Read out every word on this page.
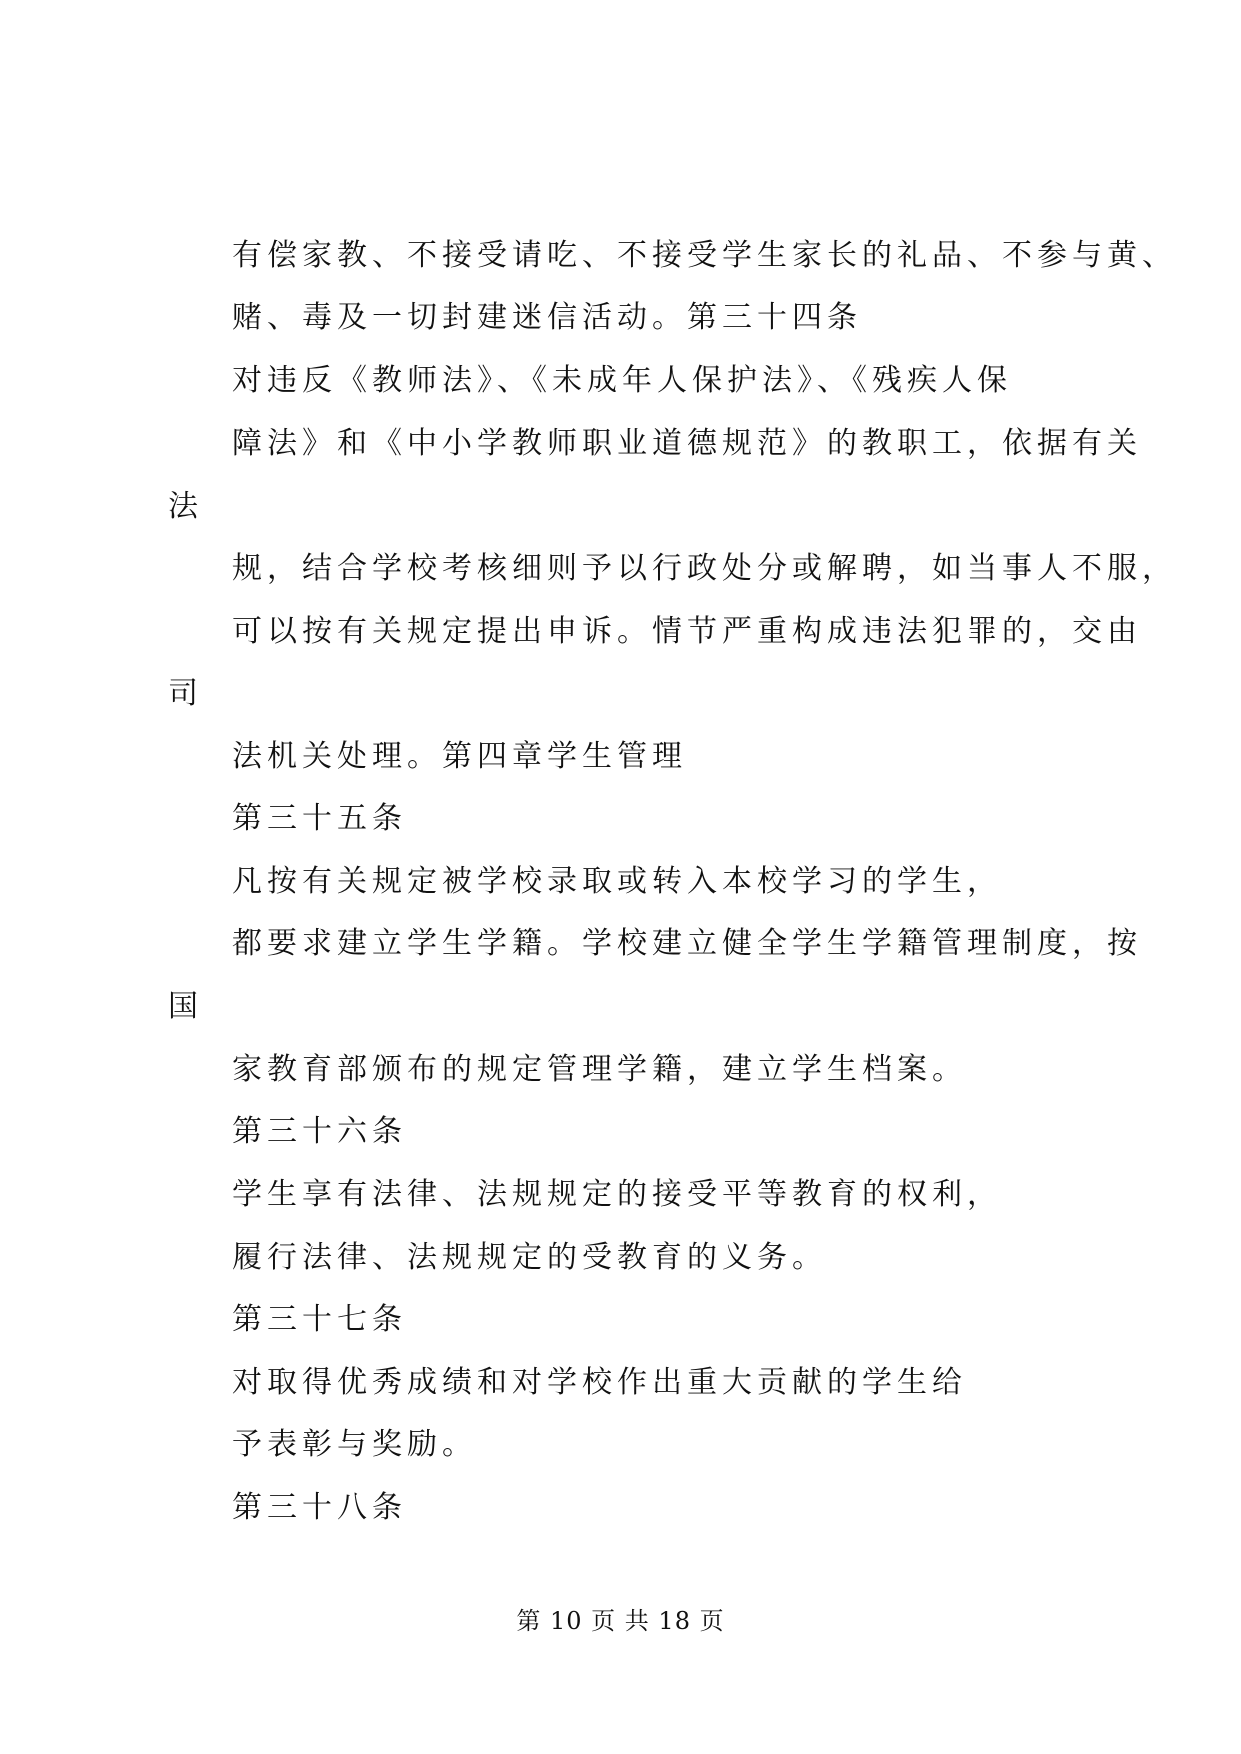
有偿家教、不接受请吃、不接受学生家长的礼品、不参与黄、
赌、毒及一切封建迷信活动。第三十四条
对违反《教师法》、《未成年人保护法》、《残疾人保
障法》和《中小学教师职业道德规范》的教职工，依据有关
法
规，结合学校考核细则予以行政处分或解聘，如当事人不服，
可以按有关规定提出申诉。情节严重构成违法犯罪的，交由
司
法机关处理。第四章学生管理
第三十五条
凡按有关规定被学校录取或转入本校学习的学生，
都要求建立学生学籍。学校建立健全学生学籍管理制度，按
国
家教育部颁布的规定管理学籍，建立学生档案。
第三十六条
学生享有法律、法规规定的接受平等教育的权利，
履行法律、法规规定的受教育的义务。
第三十七条
对取得优秀成绩和对学校作出重大贡献的学生给
予表彰与奖励。
第三十八条
第 10 页 共 18 页
